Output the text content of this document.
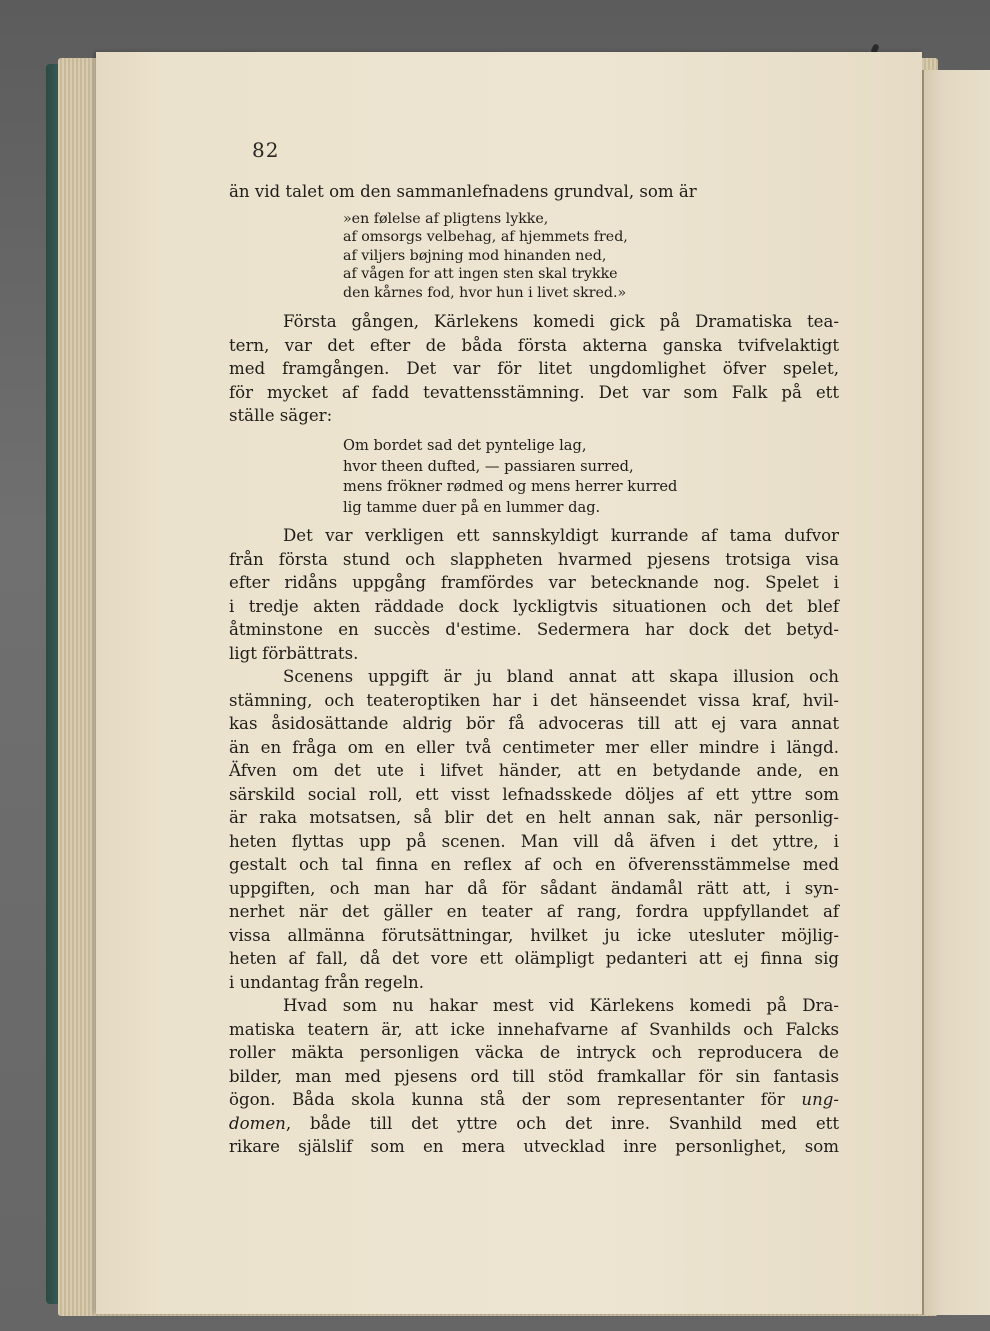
82
än vid talet om den sammanlefnadens grundval, som är
»en følelse af pligtens lykke,
af omsorgs velbehag, af hjemmets fred,
af viljers bøjning mod hinanden ned,
af vågen for att ingen sten skal trykke
den kårnes fod, hvor hun i livet skred.»
Första gången, Kärlekens komedi gick på Dramatiska tea-
tern, var det efter de båda första akterna ganska tvifvelaktigt
med framgången. Det var för litet ungdomlighet öfver spelet,
för mycket af fadd tevattensstämning. Det var som Falk på ett
ställe säger:
Om bordet sad det pyntelige lag,
hvor theen dufted, — passiaren surred,
mens frökner rødmed og mens herrer kurred
lig tamme duer på en lummer dag.
Det var verkligen ett sannskyldigt kurrande af tama dufvor
från första stund och slappheten hvarmed pjesens trotsiga visa
efter ridåns uppgång framfördes var betecknande nog. Spelet i
i tredje akten räddade dock lyckligtvis situationen och det blef
åtminstone en succès d'estime. Sedermera har dock det betyd-
ligt förbättrats.
Scenens uppgift är ju bland annat att skapa illusion och
stämning, och teateroptiken har i det hänseendet vissa kraf, hvil-
kas åsidosättande aldrig bör få advoceras till att ej vara annat
än en fråga om en eller två centimeter mer eller mindre i längd.
Äfven om det ute i lifvet händer, att en betydande ande, en
särskild social roll, ett visst lefnadsskede döljes af ett yttre som
är raka motsatsen, så blir det en helt annan sak, när personlig-
heten flyttas upp på scenen. Man vill då äfven i det yttre, i
gestalt och tal finna en reflex af och en öfverensstämmelse med
uppgiften, och man har då för sådant ändamål rätt att, i syn-
nerhet när det gäller en teater af rang, fordra uppfyllandet af
vissa allmänna förutsättningar, hvilket ju icke utesluter möjlig-
heten af fall, då det vore ett olämpligt pedanteri att ej finna sig
i undantag från regeln.
Hvad som nu hakar mest vid Kärlekens komedi på Dra-
matiska teatern är, att icke innehafvarne af Svanhilds och Falcks
roller mäkta personligen väcka de intryck och reproducera de
bilder, man med pjesens ord till stöd framkallar för sin fantasis
ögon. Båda skola kunna stå der som representanter för ung-
domen, både till det yttre och det inre. Svanhild med ett
rikare själslif som en mera utvecklad inre personlighet, som
